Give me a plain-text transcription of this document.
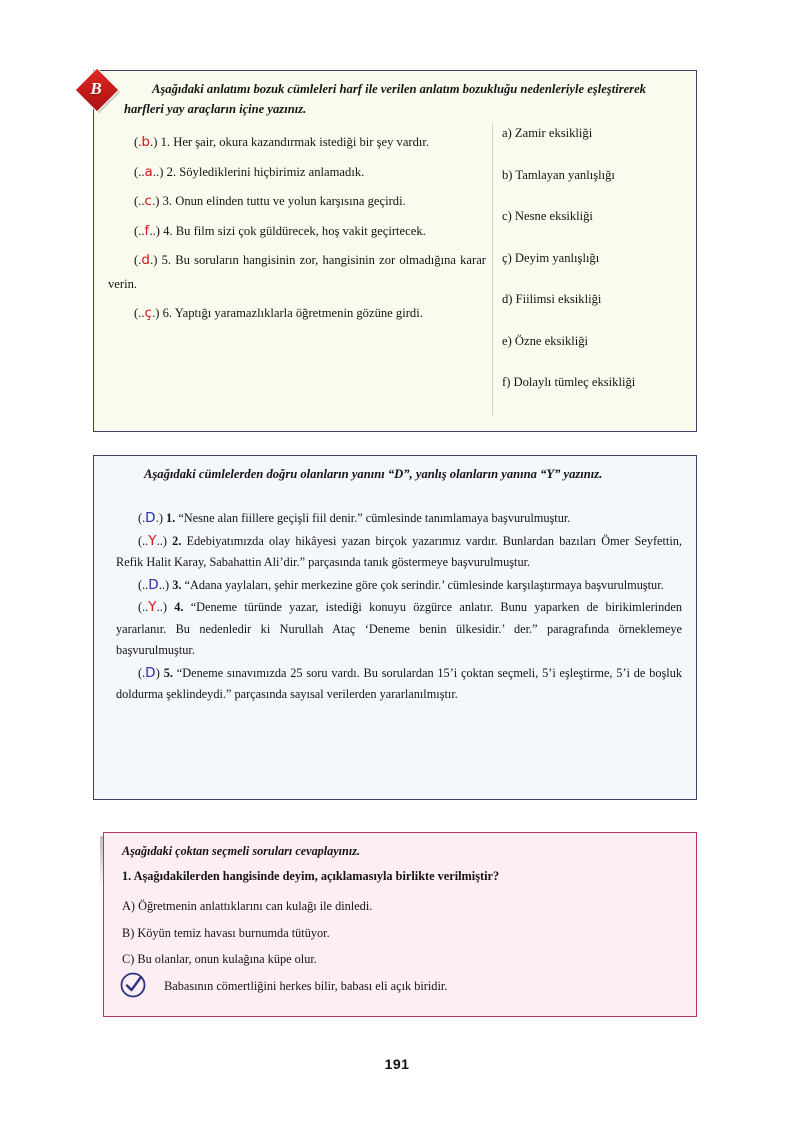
Aşağıdaki anlatımı bozuk cümleleri harf ile verilen anlatım bozukluğu nedenleriyle eşleştirerek harfleri yay araçların içine yazınız.
(.b.) 1. Her şair, okura kazandırmak istediği bir şey vardır.
(..a..) 2. Söylediklerini hiçbirimiz anlamadık.
(..c.) 3. Onun elinden tuttu ve yolun karşısına geçirdi.
(..f..) 4. Bu film sizi çok güldürecek, hoş vakit geçirtecek.
(.d.) 5. Bu soruların hangisinin zor, hangisinin zor olmadığına karar verin.
(..ç.) 6. Yaptığı yaramazlıklarla öğretmenin gözüne girdi.
a) Zamir eksikliği
b) Tamlayan yanlışlığı
c) Nesne eksikliği
ç) Deyim yanlışlığı
d) Fiilimsi eksikliği
e) Özne eksikliği
f) Dolaylı tümleç eksikliği
B
Aşağıdaki cümlelerden doğru olanların yanını “D”, yanlış olanların yanına “Y” yazınız.
(.D.) 1. “Nesne alan fiillere geçişli fiil denir.” cümlesinde tanımlamaya başvurulmuştur.
(..Y..) 2. Edebiyatımızda olay hikâyesi yazan birçok yazarımız vardır. Bunlardan bazıları Ömer Seyfettin, Refik Halit Karay, Sabahattin Ali’dir.” parçasında tanık göstermeye başvurulmuştur.
(..D..) 3. “Adana yaylaları, şehir merkezine göre çok serindir.’ cümlesinde karşılaştırmaya başvurulmuştur.
(..Y..) 4. “Deneme türünde yazar, istediği konuyu özgürce anlatır. Bunu yaparken de birikimlerinden yararlanır. Bu nedenledir ki Nurullah Ataç ‘Deneme benin ülkesidir.’ der.” paragrafında örneklemeye başvurulmuştur.
(.D) 5. “Deneme sınavımızda 25 soru vardı. Bu sorulardan 15’i çoktan seçmeli, 5’i eşleştirme, 5’i de boşluk doldurma şeklindeydi.” parçasında sayısal verilerden yararlanılmıştır.
Aşağıdaki çoktan seçmeli soruları cevaplayınız.
1. Aşağıdakilerden hangisinde deyim, açıklamasıyla birlikte verilmiştir?
A) Öğretmenin anlattıklarını can kulağı ile dinledi.
B) Köyün temiz havası burnumda tütüyor.
C) Bu olanlar, onun kulağına küpe olur.
Babasının cömertliğini herkes bilir, babası eli açık biridir.
191
